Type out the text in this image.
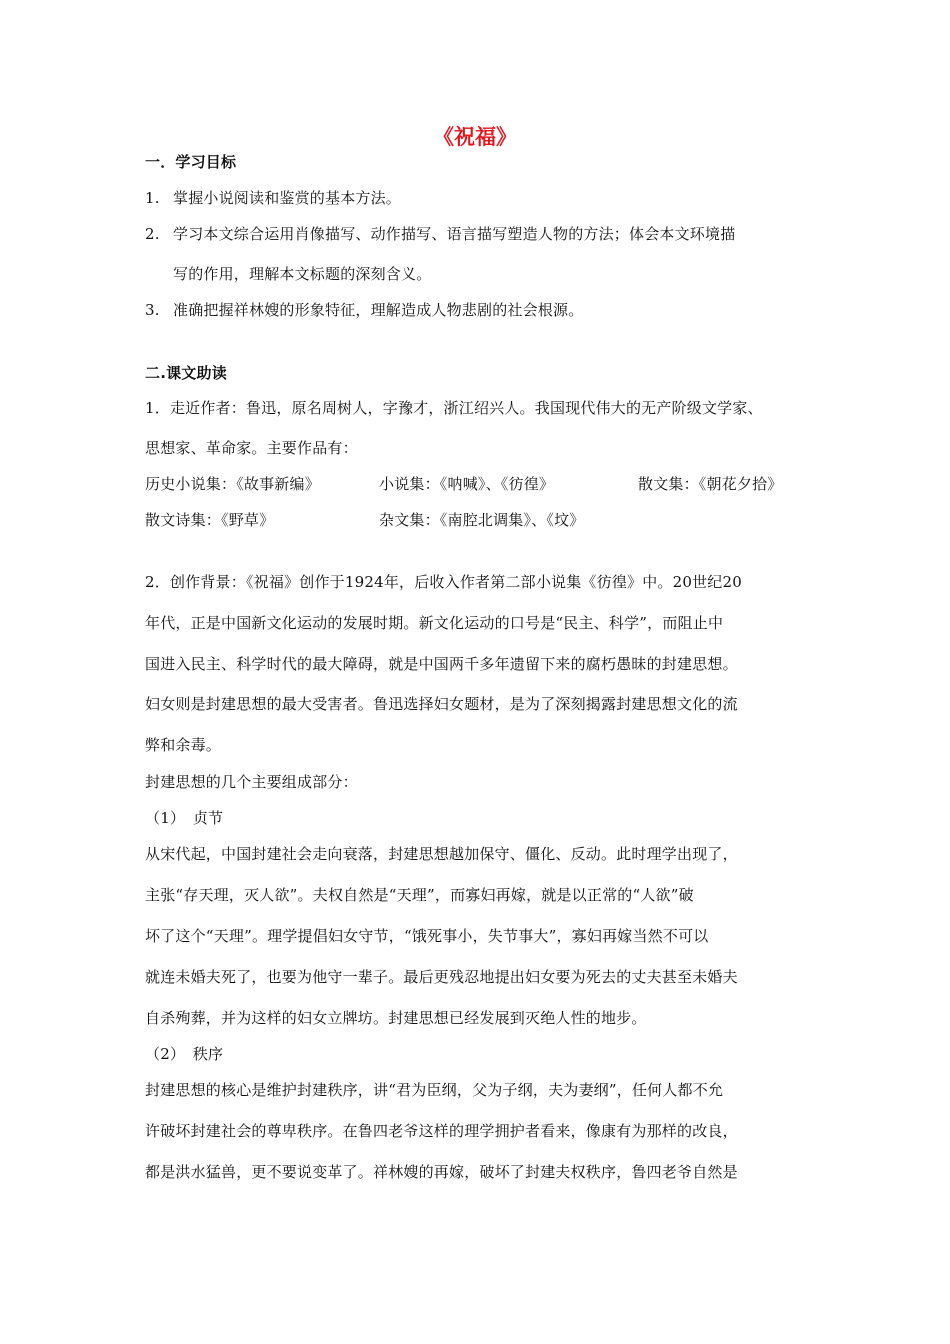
《祝福》
一．学习目标
1. 掌握小说阅读和鉴赏的基本方法。
2. 学习本文综合运用肖像描写、动作描写、语言描写塑造人物的方法；体会本文环境描
写的作用，理解本文标题的深刻含义。
3. 准确把握祥林嫂的形象特征，理解造成人物悲剧的社会根源。
二.课文助读
1．走近作者：鲁迅，原名周树人，字豫才，浙江绍兴人。我国现代伟大的无产阶级文学家、
思想家、革命家。主要作品有：
历史小说集：《故事新编》	小说集：《呐喊》、《彷徨》	散文集：《朝花夕拾》
散文诗集：《野草》	杂文集：《南腔北调集》、《坟》
2．创作背景：《祝福》创作于1924年，后收入作者第二部小说集《彷徨》中。20世纪20
年代，正是中国新文化运动的发展时期。新文化运动的口号是“民主、科学”，而阻止中
国进入民主、科学时代的最大障碍，就是中国两千多年遗留下来的腐朽愚昧的封建思想。
妇女则是封建思想的最大受害者。鲁迅选择妇女题材，是为了深刻揭露封建思想文化的流
弊和余毒。
封建思想的几个主要组成部分：
（1）　贞节
从宋代起，中国封建社会走向衰落，封建思想越加保守、僵化、反动。此时理学出现了，
主张“存天理，灭人欲”。夫权自然是“天理”，而寡妇再嫁，就是以正常的“人欲”破
坏了这个“天理”。理学提倡妇女守节，“饿死事小，失节事大”，寡妇再嫁当然不可以
就连未婚夫死了，也要为他守一辈子。最后更残忍地提出妇女要为死去的丈夫甚至未婚夫
自杀殉葬，并为这样的妇女立牌坊。封建思想已经发展到灭绝人性的地步。
（2）　秩序
封建思想的核心是维护封建秩序，讲“君为臣纲，父为子纲，夫为妻纲”，任何人都不允
许破坏封建社会的尊卑秩序。在鲁四老爷这样的理学拥护者看来，像康有为那样的改良，
都是洪水猛兽，更不要说变革了。祥林嫂的再嫁，破坏了封建夫权秩序，鲁四老爷自然是
